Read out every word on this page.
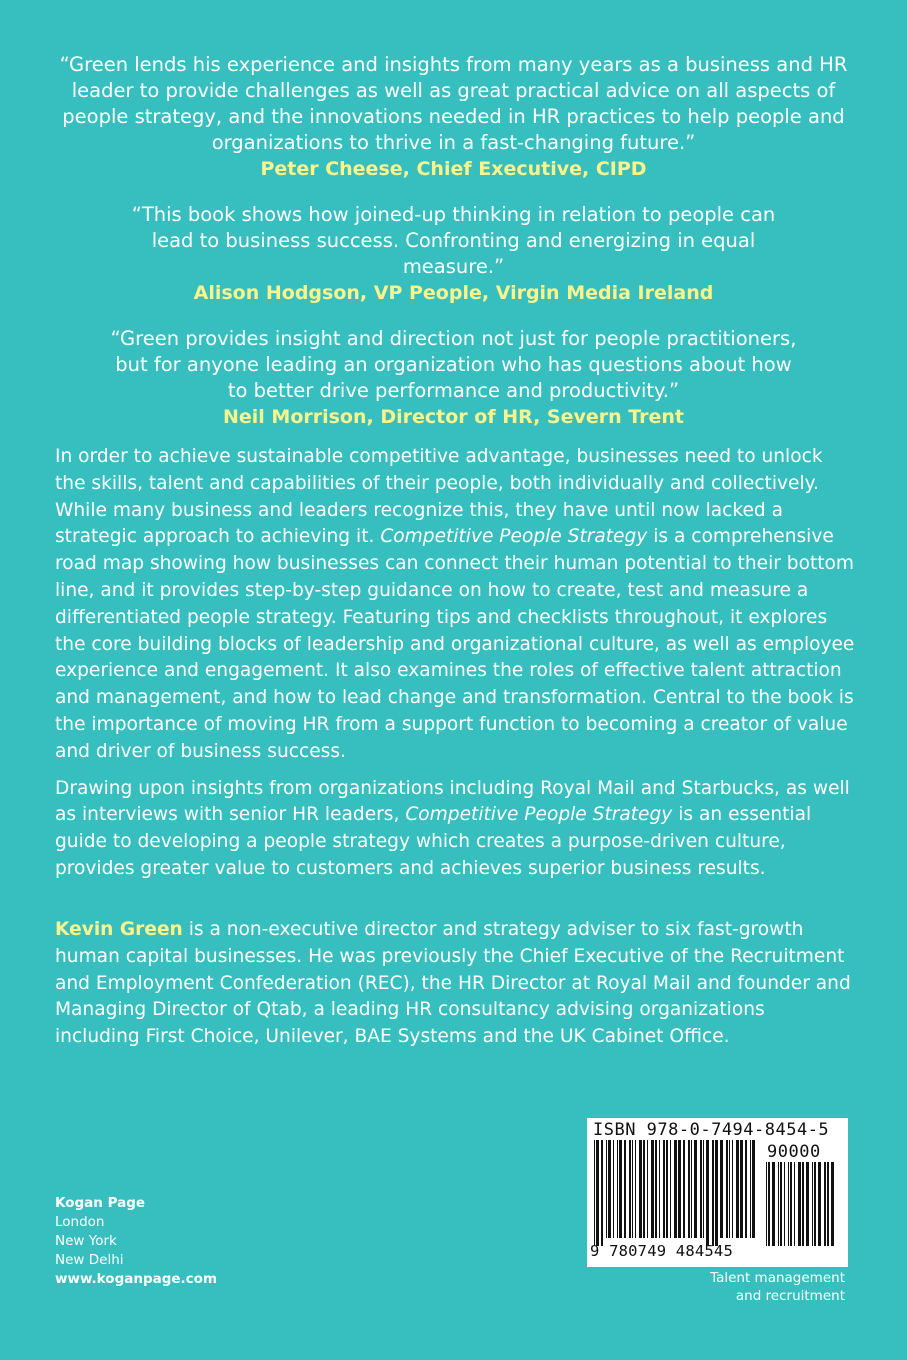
“Green lends his experience and insights from many years as a business and HR leader to provide challenges as well as great practical advice on all aspects of people strategy, and the innovations needed in HR practices to help people and organizations to thrive in a fast-changing future.”

Peter Cheese, Chief Executive, CIPD

“This book shows how joined-up thinking in relation to people can lead to business success. Confronting and energizing in equal measure.”

Alison Hodgson, VP People, Virgin Media Ireland

“Green provides insight and direction not just for people practitioners, but for anyone leading an organization who has questions about how to better drive performance and productivity.”

Neil Morrison, Director of HR, Severn Trent

In order to achieve sustainable competitive advantage, businesses need to unlock the skills, talent and capabilities of their people, both individually and collectively. While many business and leaders recognize this, they have until now lacked a strategic approach to achieving it. Competitive People Strategy is a comprehensive road map showing how businesses can connect their human potential to their bottom line, and it provides step-by-step guidance on how to create, test and measure a differentiated people strategy. Featuring tips and checklists throughout, it explores the core building blocks of leadership and organizational culture, as well as employee experience and engagement. It also examines the roles of effective talent attraction and management, and how to lead change and transformation. Central to the book is the importance of moving HR from a support function to becoming a creator of value and driver of business success.

Drawing upon insights from organizations including Royal Mail and Starbucks, as well as interviews with senior HR leaders, Competitive People Strategy is an essential guide to developing a people strategy which creates a purpose-driven culture, provides greater value to customers and achieves superior business results.

Kevin Green is a non-executive director and strategy adviser to six fast-growth human capital businesses. He was previously the Chief Executive of the Recruitment and Employment Confederation (REC), the HR Director at Royal Mail and founder and Managing Director of Qtab, a leading HR consultancy advising organizations including First Choice, Unilever, BAE Systems and the UK Cabinet Office.

Kogan Page
London
New York
New Delhi
www.koganpage.com
ISBN 978-0-7494-8454-5
90000
9 780749 484545
Talent management
and recruitment
